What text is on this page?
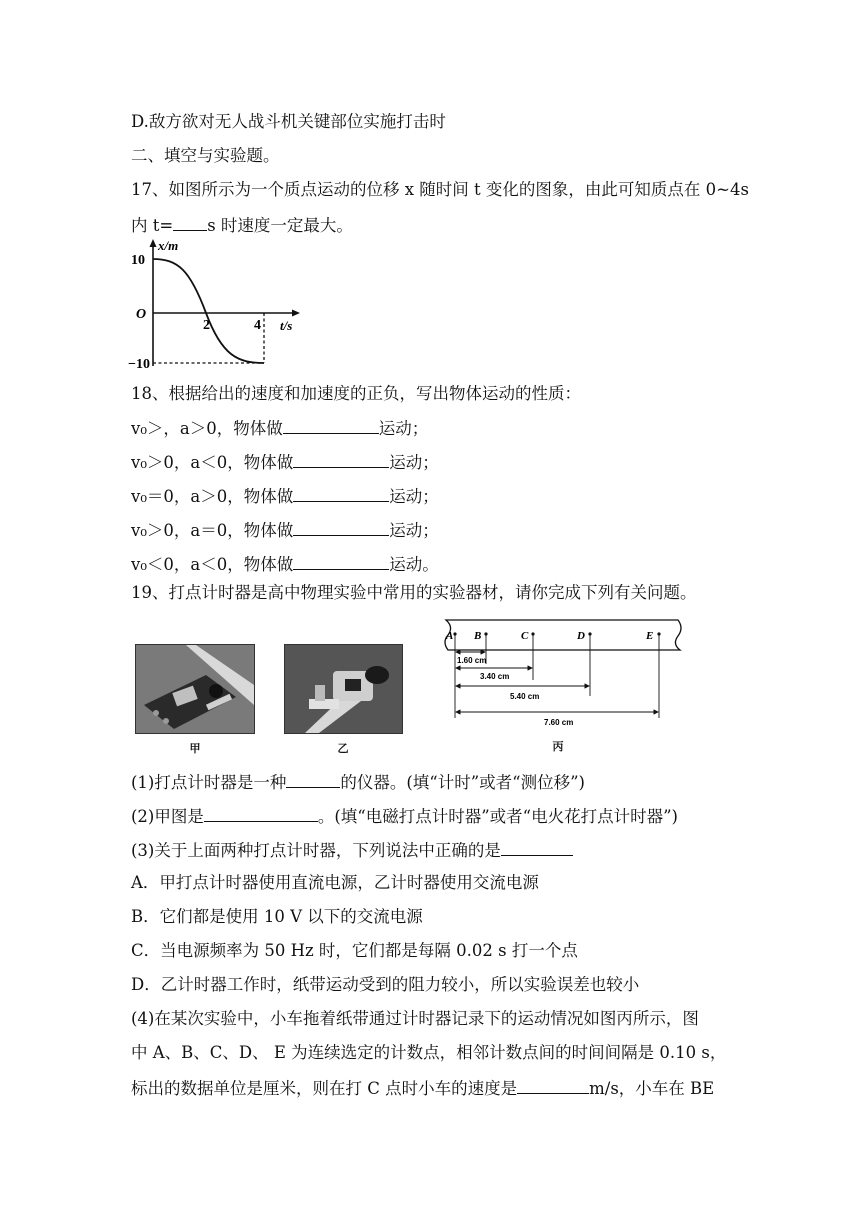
D.敌方欲对无人战斗机关键部位实施打击时
二、填空与实验题。
17、如图所示为一个质点运动的位移 x 随时间 t 变化的图象，由此可知质点在 0~4s
内 t= s 时速度一定最大。
x/m
t/s
10
O
−10
2	4
18、根据给出的速度和加速度的正负，写出物体运动的性质：
v₀＞，a＞0，物体做	运动；
v₀＞0，a＜0，物体做	运动；
v₀＝0，a＞0，物体做	运动；
v₀＞0，a＝0，物体做	运动；
v₀＜0，a＜0，物体做	运动。
19、打点计时器是高中物理实验中常用的实验器材，请你完成下列有关问题。
甲	乙
A B	C	D	E
1.60 cm
3.40 cm
5.40 cm
7.60 cm
丙
(1)打点计时器是一种	的仪器。(填“计时”或者“测位移”)
(2)甲图是	。(填“电磁打点计时器”或者“电火花打点计时器”)
(3)关于上面两种打点计时器，下列说法中正确的是
A．甲打点计时器使用直流电源，乙计时器使用交流电源
B．它们都是使用 10 V 以下的交流电源
C．当电源频率为 50 Hz 时，它们都是每隔 0.02 s 打一个点
D．乙计时器工作时，纸带运动受到的阻力较小，所以实验误差也较小
(4)在某次实验中，小车拖着纸带通过计时器记录下的运动情况如图丙所示，图
中 A、B、C、D、 E 为连续选定的计数点，相邻计数点间的时间间隔是 0.10 s，
标出的数据单位是厘米，则在打 C 点时小车的速度是	m/s，小车在 BE
